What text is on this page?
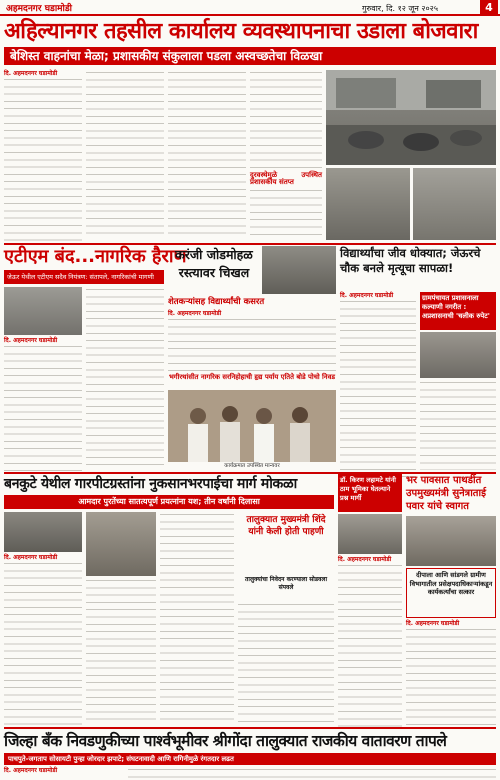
अहमदनगर घडामोडी	गुरुवार, दि. १२ जून २०२५	4
अहिल्यानगर तहसील कार्यालय व्यवस्थापनाचा उडाला बोजवारा
बेशिस्त वाहनांचा मेळा; प्रशासकीय संकुलाला पडला अस्वच्छतेचा विळखा
दि. अहमदनगर घडामोडी
दुरवस्थेमुळे उपस्थित प्रशासकीय संतप्त
एटीएम बंद...नागरिक हैराण
जेऊर येथील एटीएम सदैव नियंत्रण: संतापले, नागरिकांची मागणी
दि. अहमदनगर घडामोडी
करंजी जोडमोहळ
रस्त्यावर चिखल
शेतकऱ्यांसह विद्यार्थ्यांची कसरत
दि. अहमदनगर घडामोडी
भगीरथांसीत नागरिक सरनिहोहाची हृद्य पर्याय एतिते बोडे पोचो निवड
कार्यक्रमात उपस्थित मान्यवर
विद्यार्थ्यांचा जीव धोक्यात; जेऊरचे चौक बनले मृत्यूचा सापळा!
दि. अहमदनगर घडामोडी	ग्रामपंचायत प्रशासनाला कल्याणी नगरीत : अप्रशासनाची 'चलीक रुपेट'
बनकुटे येथील गारपीटग्रस्तांना नुकसानभरपाईचा मार्ग मोकळा
आमदार पुरतेंच्या सातत्यपूर्ण प्रयत्नांना यश; तीन वर्षांनी दिलासा
दि. अहमदनगर घडामोडी
तालुक्यात मुख्यमंत्री शिंदे यांनी केली होती पाहणी
तालुक्यांचा निवेदन करण्याला सोडवला संपवले
डॉ. किरण लहामटे यांनी ठाम भूमिका घेतल्याने प्रश्न मार्गी
दि. अहमदनगर घडामोडी
भर पावसात पाथर्डीत उपमुख्यमंत्री सुनेत्राताई पवार यांचे स्वागत
दीपाला आणि सांडगले ग्रामीण विभागातील प्रसेक्षपदाधिकाऱ्यांकडून कार्यकर्त्यांचा सत्कार
दि. अहमदनगर घडामोडी
जिल्हा बँक निवडणुकीच्या पार्श्वभूमीवर श्रीगोंदा तालुक्यात राजकीय वातावरण तापले
पाचपुते-जगताप सोसायटी पुन्हा जोरदार झपाटे; संघटनावादी आणि रागिनीमुळे रंगतदार लढत
दि. अहमदनगर घडामोडी
